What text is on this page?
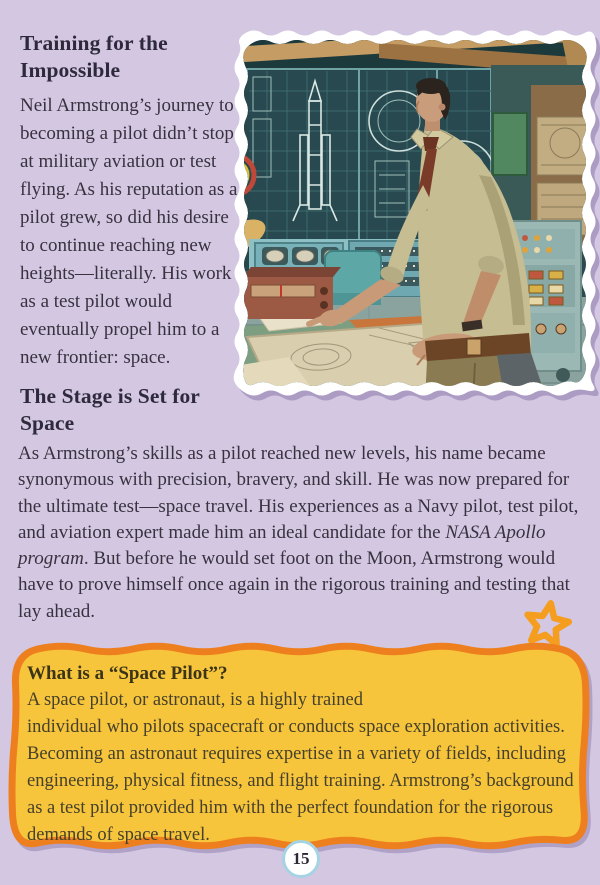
Training for the Impossible

Neil Armstrong’s journey to becoming a pilot didn’t stop at military aviation or test flying. As his reputation as a pilot grew, so did his desire to continue reaching new heights—literally. His work as a test pilot would eventually propel him to a new frontier: space.

The Stage is Set for Space

As Armstrong’s skills as a pilot reached new levels, his name became synonymous with precision, bravery, and skill. He was now prepared for the ultimate test—space travel. His experiences as a Navy pilot, test pilot, and aviation expert made him an ideal candidate for the NASA Apollo program. But before he would set foot on the Moon, Armstrong would have to prove himself once again in the rigorous training and testing that lay ahead.

What is a “Space Pilot”?
A space pilot, or astronaut, is a highly trained
individual who pilots spacecraft or conducts space exploration activities. Becoming an astronaut requires expertise in a variety of fields, including engineering, physical fitness, and flight training. Armstrong’s background as a test pilot provided him with the perfect foundation for the rigorous demands of space travel.
15
